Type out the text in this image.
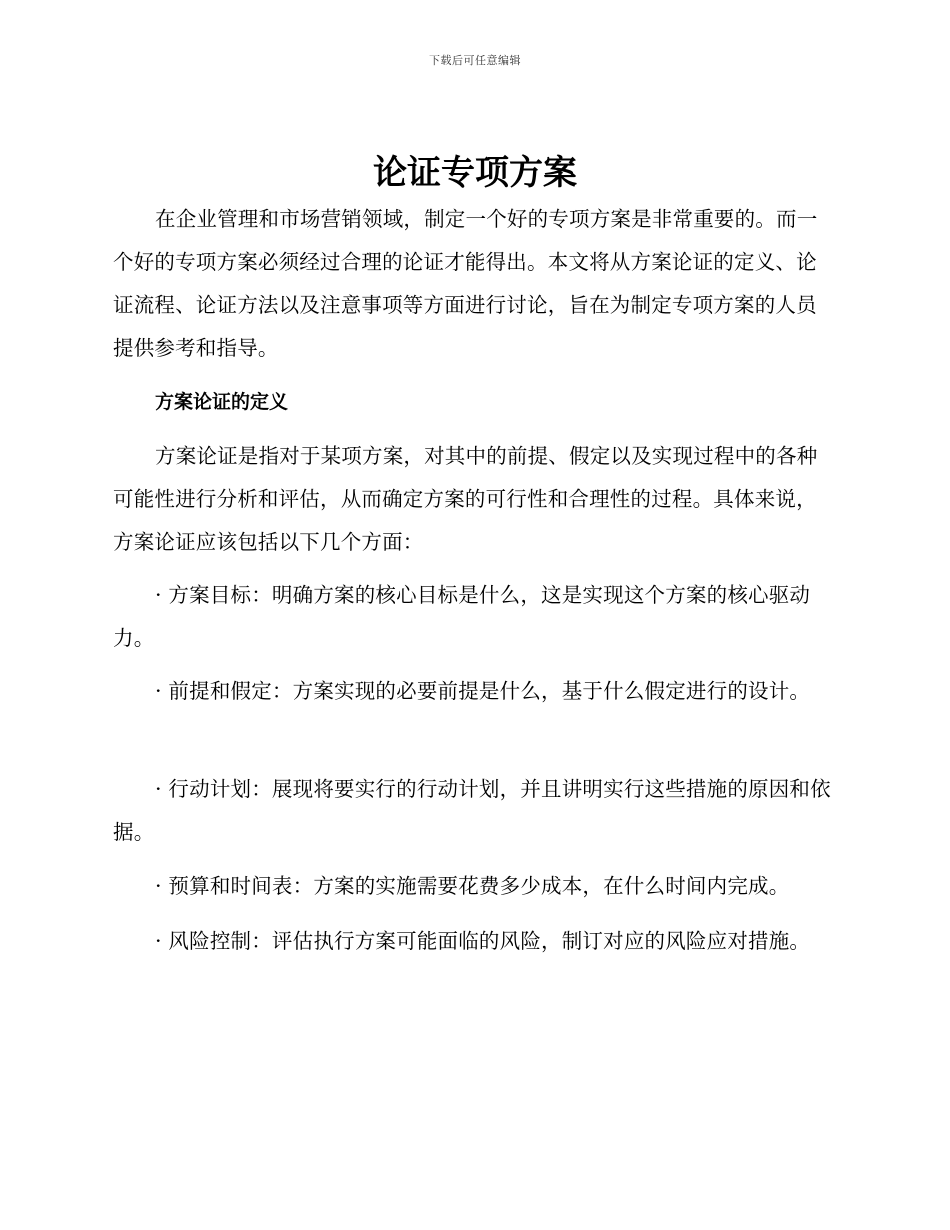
下载后可任意编辑
论证专项方案

在企业管理和市场营销领域，制定一个好的专项方案是非常重要的。而一个好的专项方案必须经过合理的论证才能得出。本文将从方案论证的定义、论证流程、论证方法以及注意事项等方面进行讨论，旨在为制定专项方案的人员提供参考和指导。

方案论证的定义

方案论证是指对于某项方案，对其中的前提、假定以及实现过程中的各种可能性进行分析和评估，从而确定方案的可行性和合理性的过程。具体来说，方案论证应该包括以下几个方面：

· 方案目标：明确方案的核心目标是什么，这是实现这个方案的核心驱动力。

· 前提和假定：方案实现的必要前提是什么，基于什么假定进行的设计。

· 行动计划：展现将要实行的行动计划，并且讲明实行这些措施的原因和依据。

· 预算和时间表：方案的实施需要花费多少成本，在什么时间内完成。

· 风险控制：评估执行方案可能面临的风险，制订对应的风险应对措施。
